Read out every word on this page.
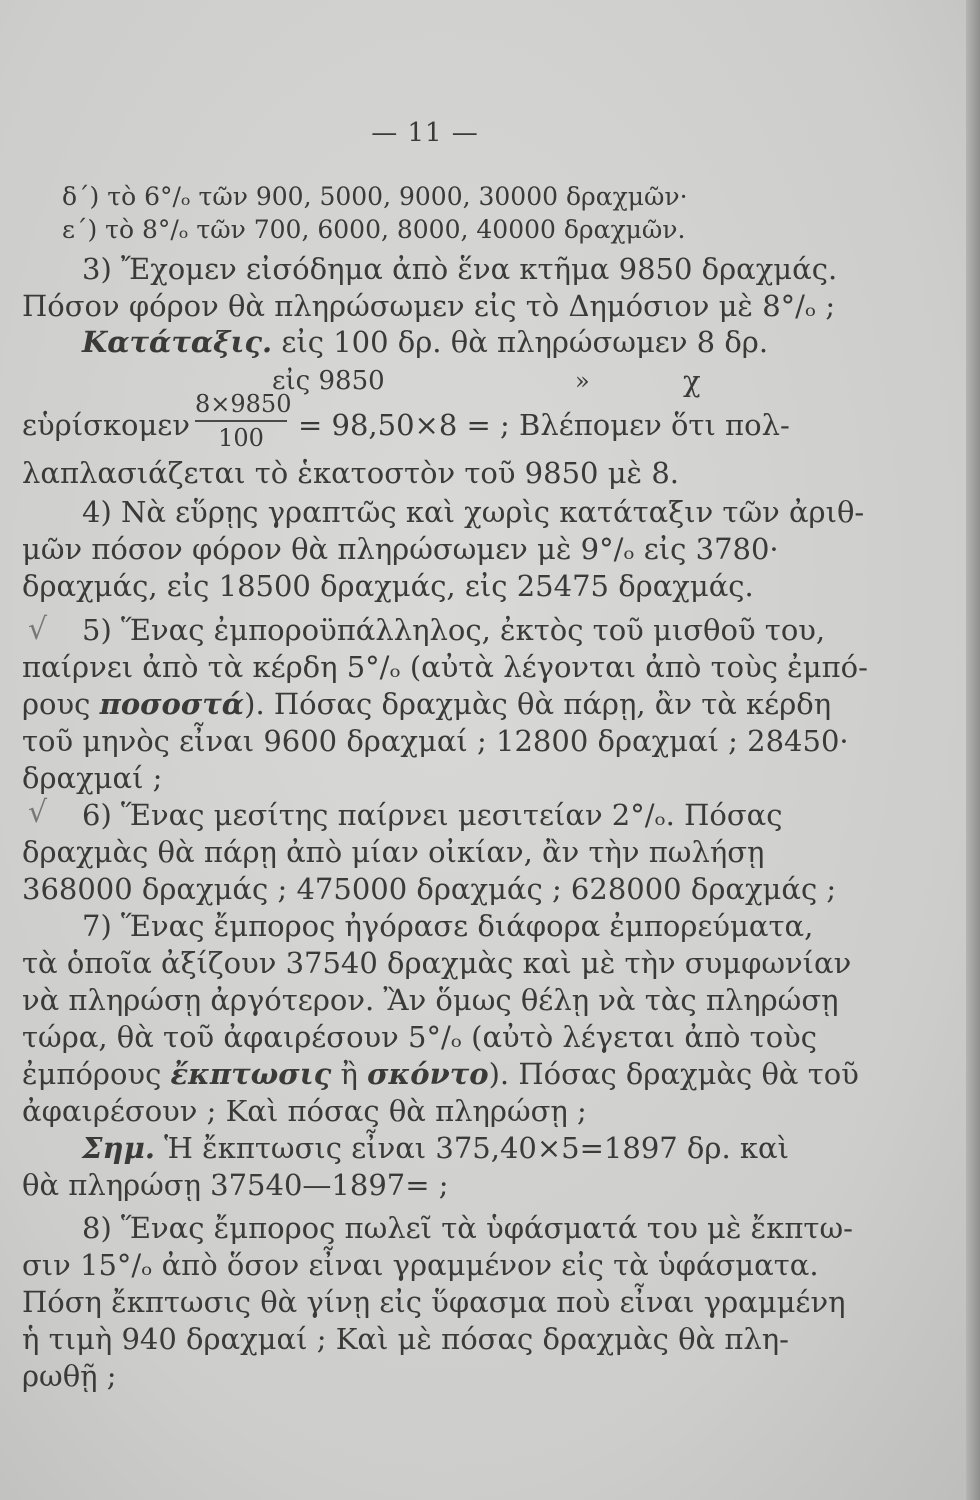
— 11 —
δ΄) τὸ 6°/ₒ τῶν 900, 5000, 9000, 30000 δραχμῶν·
ε΄) τὸ 8°/ₒ τῶν 700, 6000, 8000, 40000 δραχμῶν.
3) Ἔχομεν εἰσόδημα ἀπὸ ἕνα κτῆμα 9850 δραχμάς.
Πόσον φόρον θὰ πληρώσωμεν εἰς τὸ Δημόσιον μὲ 8°/ₒ ;
Κατάταξις. εἰς 100 δρ. θὰ πληρώσωμεν 8 δρ.
εἰς 9850	»	χ
εὑρίσκομεν $\frac{8\times 9850}{100} = 98,50\times 8$ = ; Βλέπομεν ὅτι πολ-
λαπλασιάζεται τὸ ἑκατοστὸν τοῦ 9850 μὲ 8.
4) Νὰ εὕρῃς γραπτῶς καὶ χωρὶς κατάταξιν τῶν ἀριθ-
μῶν πόσον φόρον θὰ πληρώσωμεν μὲ 9°/ₒ εἰς 3780·
δραχμάς, εἰς 18500 δραχμάς, εἰς 25475 δραχμάς.
√ 5) Ἕνας ἐμποροϋπάλληλος, ἐκτὸς τοῦ μισθοῦ του,
παίρνει ἀπὸ τὰ κέρδη 5°/ₒ (αὐτὰ λέγονται ἀπὸ τοὺς ἐμπό-
ρους ποσοστά). Πόσας δραχμὰς θὰ πάρῃ, ἂν τὰ κέρδη
τοῦ μηνὸς εἶναι 9600 δραχμαί ; 12800 δραχμαί ; 28450·
δραχμαί ;
√ 6) Ἕνας μεσίτης παίρνει μεσιτείαν 2°/ₒ. Πόσας
δραχμὰς θὰ πάρῃ ἀπὸ μίαν οἰκίαν, ἂν τὴν πωλήσῃ
368000 δραχμάς ; 475000 δραχμάς ; 628000 δραχμάς ;
7) Ἕνας ἔμπορος ἠγόρασε διάφορα ἐμπορεύματα,
τὰ ὁποῖα ἀξίζουν 37540 δραχμὰς καὶ μὲ τὴν συμφωνίαν
νὰ πληρώσῃ ἀργότερον. Ἂν ὅμως θέλῃ νὰ τὰς πληρώσῃ
τώρα, θὰ τοῦ ἀφαιρέσουν 5°/ₒ (αὐτὸ λέγεται ἀπὸ τοὺς
ἐμπόρους ἔκπτωσις ἢ σκόντο). Πόσας δραχμὰς θὰ τοῦ
ἀφαιρέσουν ; Καὶ πόσας θὰ πληρώσῃ ;
Σημ. Ἡ ἔκπτωσις εἶναι 375,40×5=1897 δρ. καὶ
θὰ πληρώσῃ 37540—1897= ;
8) Ἕνας ἔμπορος πωλεῖ τὰ ὑφάσματά του μὲ ἔκπτω-
σιν 15°/ₒ ἀπὸ ὅσον εἶναι γραμμένον εἰς τὰ ὑφάσματα.
Πόση ἔκπτωσις θὰ γίνῃ εἰς ὕφασμα ποὺ εἶναι γραμμένη
ἡ τιμὴ 940 δραχμαί ; Καὶ μὲ πόσας δραχμὰς θὰ πλη-
ρωθῇ ;
